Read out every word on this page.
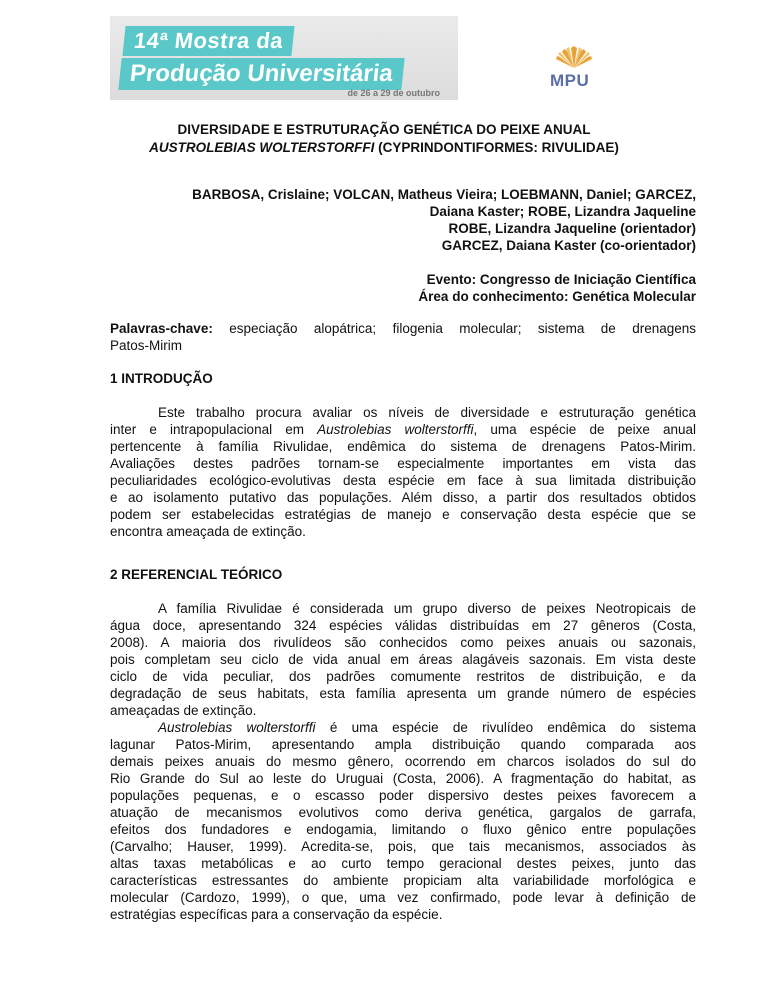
14ª Mostra da
Produção Universitária
de 26 a 29 de outubro
MPU
DIVERSIDADE E ESTRUTURAÇÃO GENÉTICA DO PEIXE ANUAL
AUSTROLEBIAS WOLTERSTORFFI (CYPRINDONTIFORMES: RIVULIDAE)
BARBOSA, Crislaine; VOLCAN, Matheus Vieira; LOEBMANN, Daniel; GARCEZ,
Daiana Kaster; ROBE, Lizandra Jaqueline
ROBE, Lizandra Jaqueline (orientador)
GARCEZ, Daiana Kaster (co-orientador)
Evento: Congresso de Iniciação Científica
Área do conhecimento: Genética Molecular
Palavras-chave: especiação alopátrica; filogenia molecular; sistema de drenagens
Patos-Mirim
1 INTRODUÇÃO
Este trabalho procura avaliar os níveis de diversidade e estruturação genética
inter e intrapopulacional em Austrolebias wolterstorffi, uma espécie de peixe anual
pertencente à família Rivulidae, endêmica do sistema de drenagens Patos-Mirim.
Avaliações destes padrões tornam-se especialmente importantes em vista das
peculiaridades ecológico-evolutivas desta espécie em face à sua limitada distribuição
e ao isolamento putativo das populações. Além disso, a partir dos resultados obtidos
podem ser estabelecidas estratégias de manejo e conservação desta espécie que se
encontra ameaçada de extinção.
2 REFERENCIAL TEÓRICO
A família Rivulidae é considerada um grupo diverso de peixes Neotropicais de
água doce, apresentando 324 espécies válidas distribuídas em 27 gêneros (Costa,
2008). A maioria dos rivulídeos são conhecidos como peixes anuais ou sazonais,
pois completam seu ciclo de vida anual em áreas alagáveis sazonais. Em vista deste
ciclo de vida peculiar, dos padrões comumente restritos de distribuição, e da
degradação de seus habitats, esta família apresenta um grande número de espécies
ameaçadas de extinção.
Austrolebias wolterstorffi é uma espécie de rivulídeo endêmica do sistema
lagunar Patos-Mirim, apresentando ampla distribuição quando comparada aos
demais peixes anuais do mesmo gênero, ocorrendo em charcos isolados do sul do
Rio Grande do Sul ao leste do Uruguai (Costa, 2006). A fragmentação do habitat, as
populações pequenas, e o escasso poder dispersivo destes peixes favorecem a
atuação de mecanismos evolutivos como deriva genética, gargalos de garrafa,
efeitos dos fundadores e endogamia, limitando o fluxo gênico entre populações
(Carvalho; Hauser, 1999). Acredita-se, pois, que tais mecanismos, associados às
altas taxas metabólicas e ao curto tempo geracional destes peixes, junto das
características estressantes do ambiente propiciam alta variabilidade morfológica e
molecular (Cardozo, 1999), o que, uma vez confirmado, pode levar à definição de
estratégias específicas para a conservação da espécie.
